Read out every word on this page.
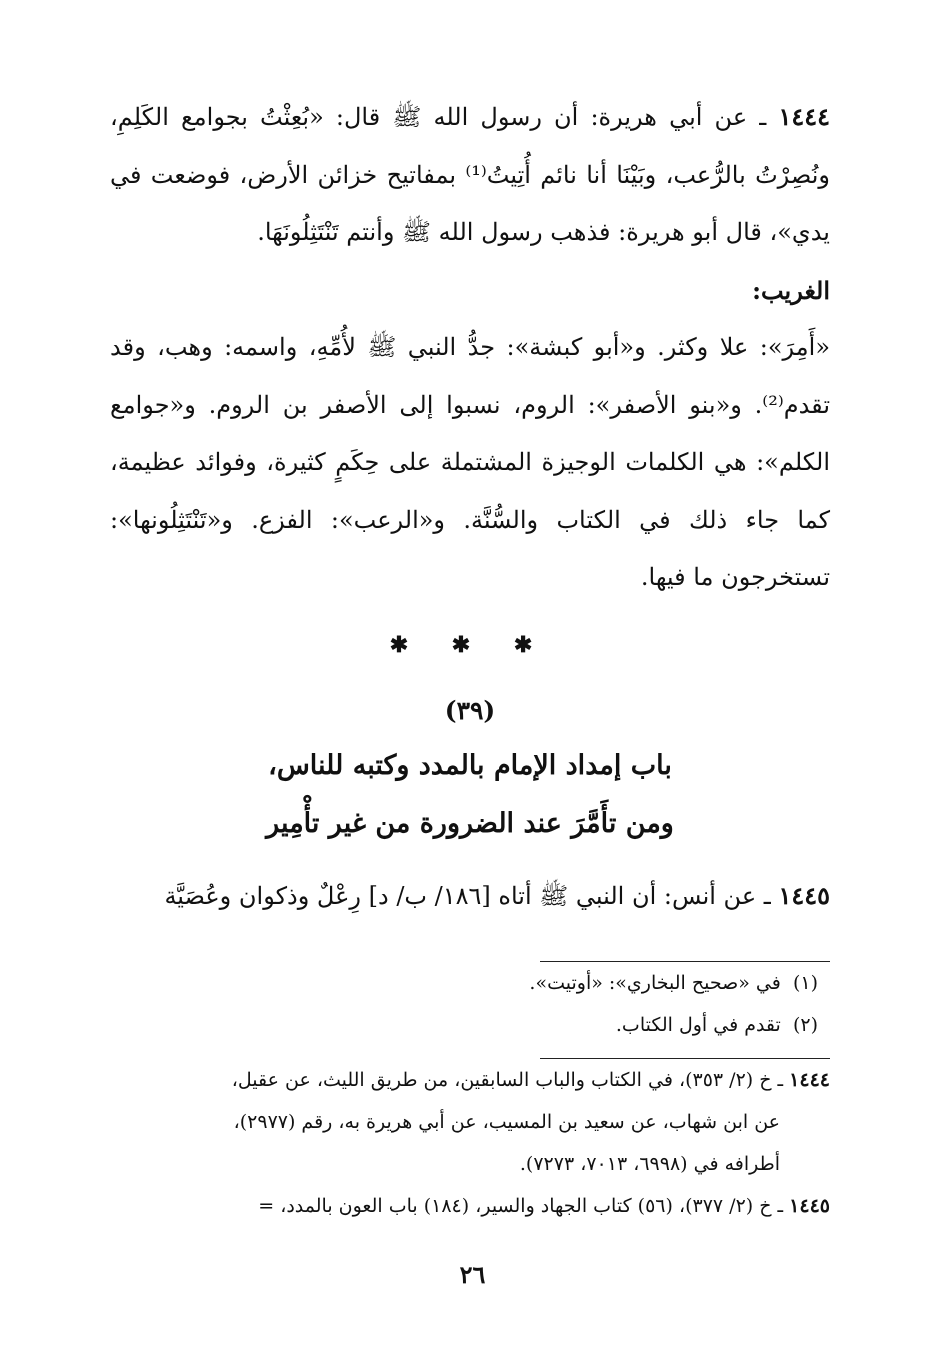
١٤٤٤ ـ عن أبي هريرة: أن رسول الله ﷺ قال: «بُعِثْتُ بجوامع الكَلِمِ، ونُصِرْتُ بالرُّعب، وبَيْنَا أنا نائم أُتِيتُ⁽¹⁾ بمفاتيح خزائن الأرض، فوضعت في يدي»، قال أبو هريرة: فذهب رسول الله ﷺ وأنتم تَنْتَثِلُونَهَا.

الغريب:

«أَمِرَ»: علا وكثر. و«أبو كبشة»: جدُّ النبي ﷺ لأُمِّهِ، واسمه: وهب، وقد تقدم⁽²⁾. و«بنو الأصفر»: الروم، نسبوا إلى الأصفر بن الروم. و«جوامع الكلم»: هي الكلمات الوجيزة المشتملة على حِكَمٍ كثيرة، وفوائد عظيمة، كما جاء ذلك في الكتاب والسُّنَّة. و«الرعب»: الفزع. و«تَنْتَثِلُونها»: تستخرجون ما فيها.

✱ ✱ ✱
(٣٩)
باب إمداد الإمام بالمدد وكتبه للناس،
ومن تأَمَّرَ عند الضرورة من غير تأْمِير

١٤٤٥ ـ عن أنس: أن النبي ﷺ أتاه [١٨٦/ ب/ د] رِعْلٌ وذكوان وعُصَيَّة

(١)  في «صحيح البخاري»: «أوتيت».

(٢)  تقدم في أول الكتاب.

١٤٤٤ ـ خ (٢/ ٣٥٣)، في الكتاب والباب السابقين، من طريق الليث، عن عقيل،
عن ابن شهاب، عن سعيد بن المسيب، عن أبي هريرة به، رقم (٢٩٧٧)،
أطرافه في (٦٩٩٨، ٧٠١٣، ٧٢٧٣).

١٤٤٥ ـ خ (٢/ ٣٧٧)، (٥٦) كتاب الجهاد والسير، (١٨٤) باب العون بالمدد، =

٢٦
